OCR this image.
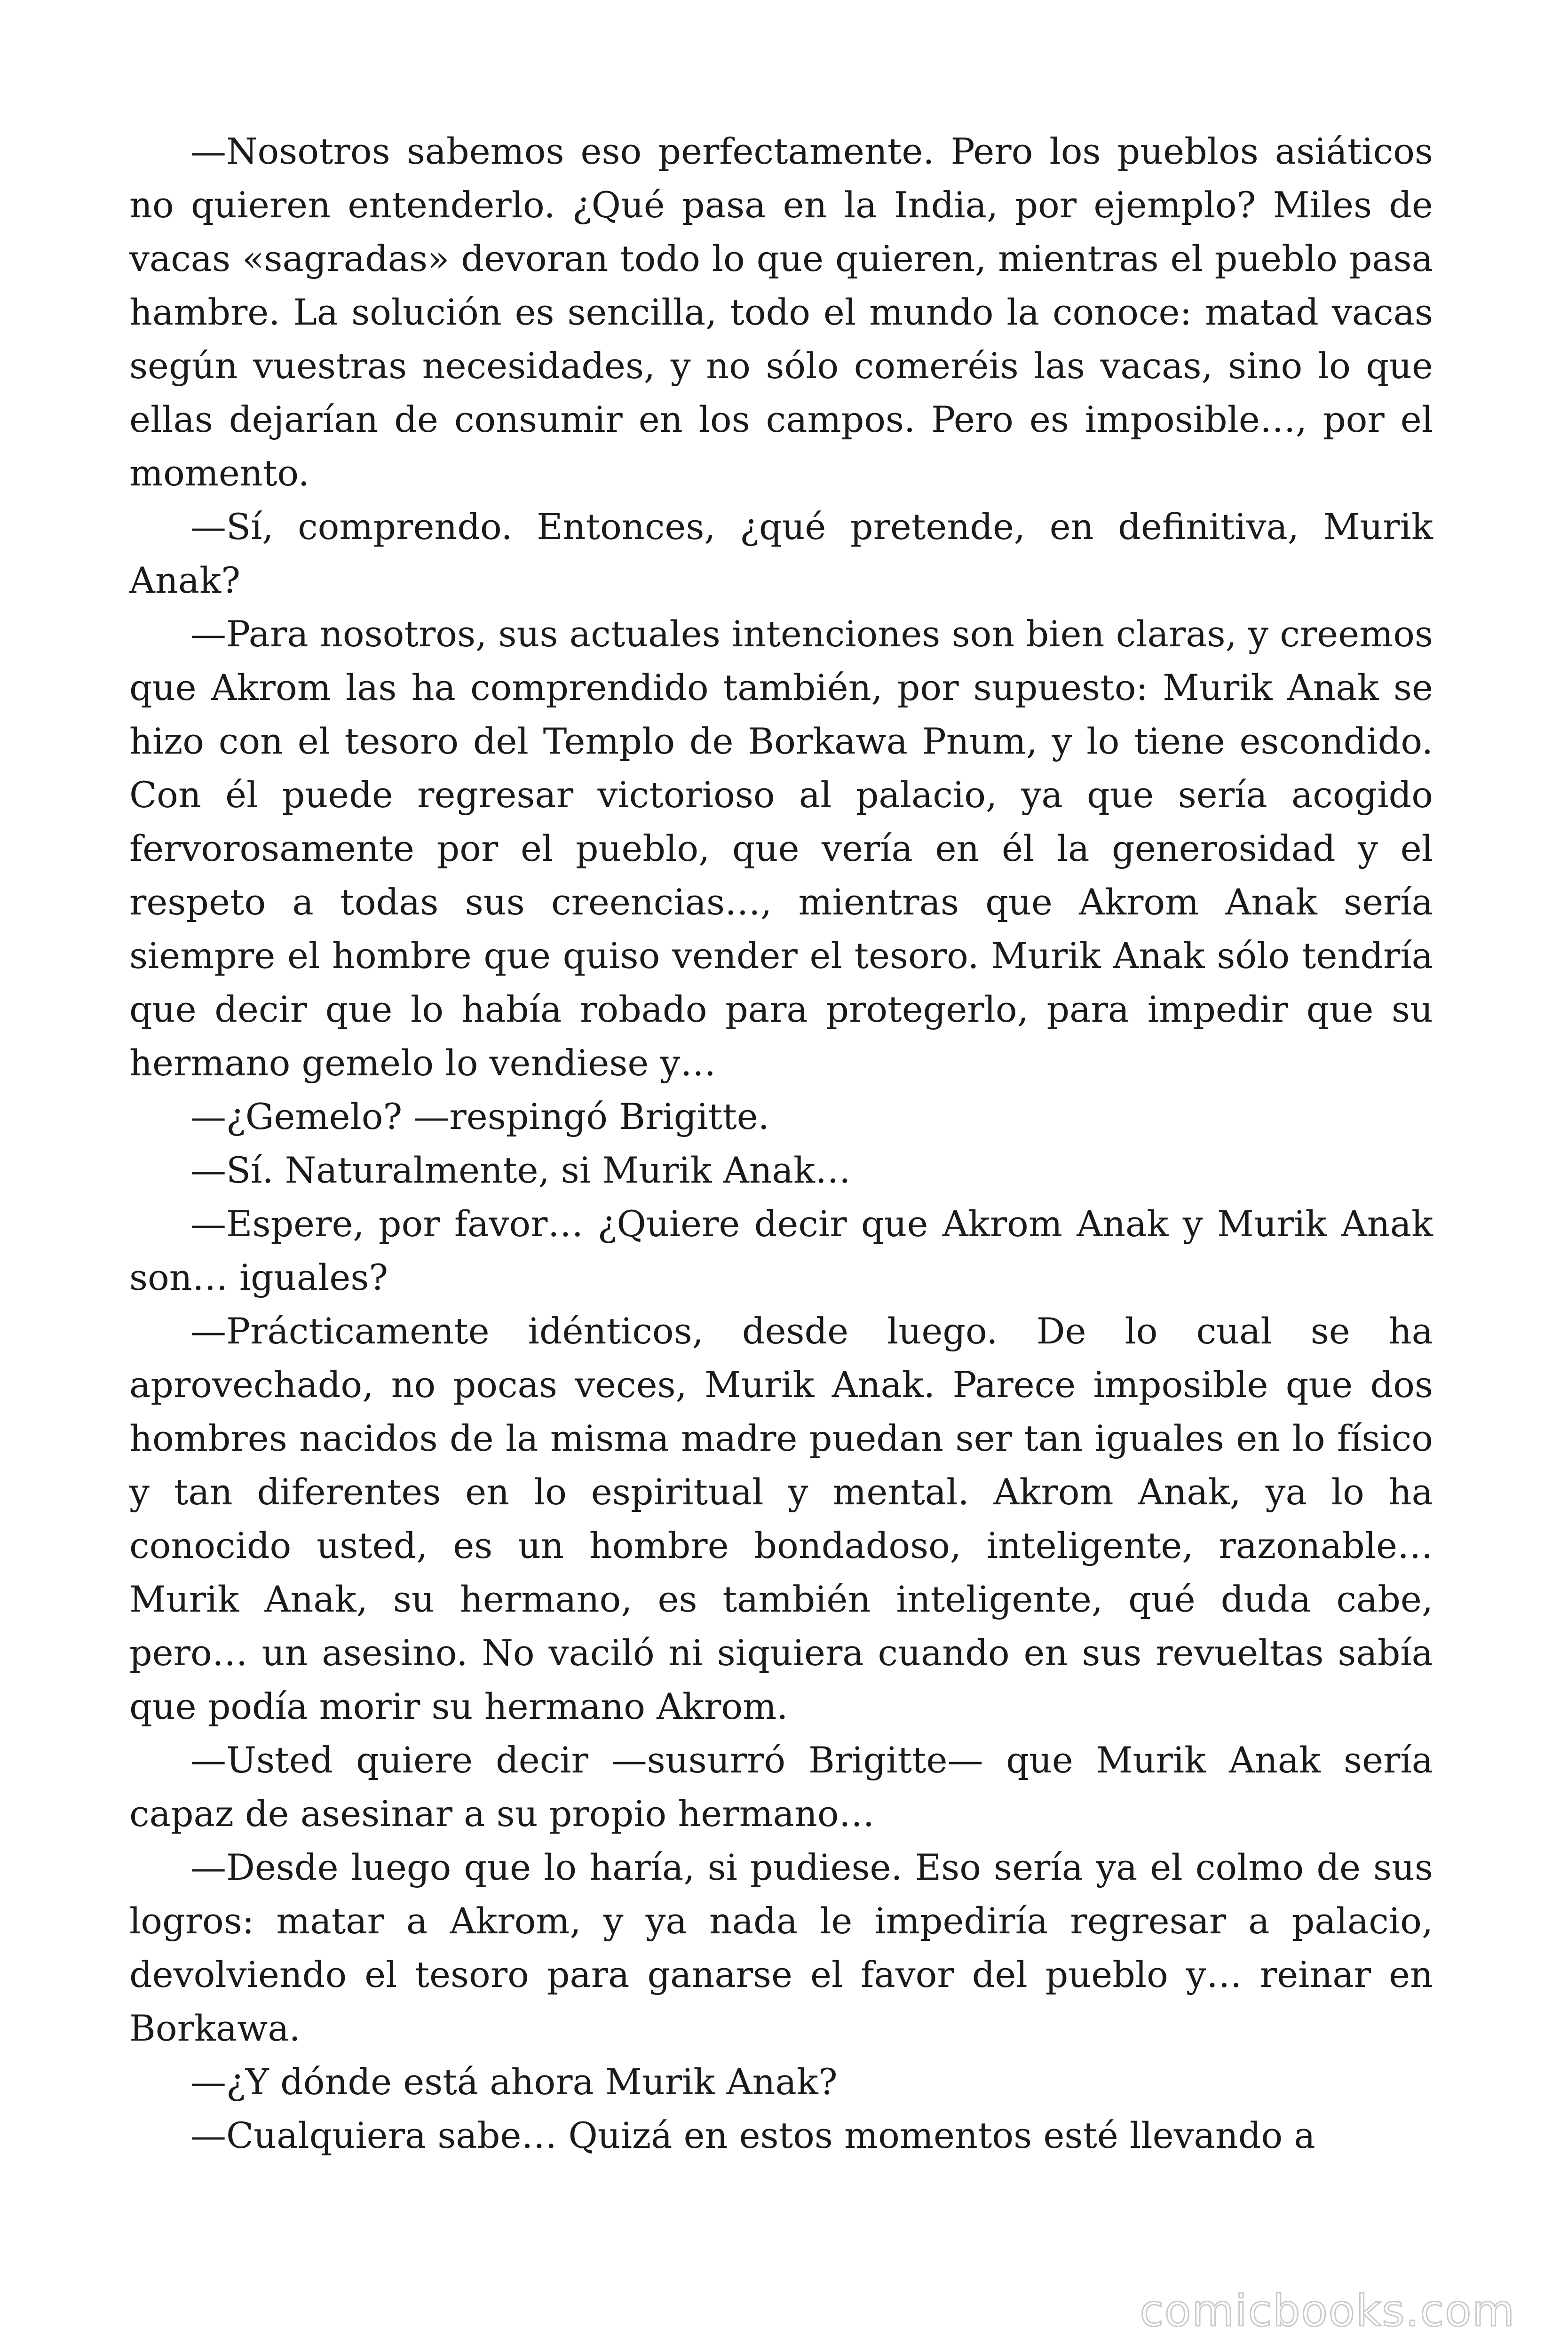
—Nosotros sabemos eso perfectamente. Pero los pueblos asiáticos no quieren entenderlo. ¿Qué pasa en la India, por ejemplo? Miles de vacas «sagradas» devoran todo lo que quieren, mientras el pueblo pasa hambre. La solución es sencilla, todo el mundo la conoce: matad vacas según vuestras necesidades, y no sólo comeréis las vacas, sino lo que ellas dejarían de consumir en los campos. Pero es imposible…, por el momento.

—Sí, comprendo. Entonces, ¿qué pretende, en definitiva, Murik Anak?

—Para nosotros, sus actuales intenciones son bien claras, y creemos que Akrom las ha comprendido también, por supuesto: Murik Anak se hizo con el tesoro del Templo de Borkawa Pnum, y lo tiene escondido. Con él puede regresar victorioso al palacio, ya que sería acogido fervorosamente por el pueblo, que vería en él la generosidad y el respeto a todas sus creencias…, mientras que Akrom Anak sería siempre el hombre que quiso vender el tesoro. Murik Anak sólo tendría que decir que lo había robado para protegerlo, para impedir que su hermano gemelo lo vendiese y…

—¿Gemelo? —respingó Brigitte.

—Sí. Naturalmente, si Murik Anak…

—Espere, por favor… ¿Quiere decir que Akrom Anak y Murik Anak son… iguales?

—Prácticamente idénticos, desde luego. De lo cual se ha aprovechado, no pocas veces, Murik Anak. Parece imposible que dos hombres nacidos de la misma madre puedan ser tan iguales en lo físico y tan diferentes en lo espiritual y mental. Akrom Anak, ya lo ha conocido usted, es un hombre bondadoso, inteligente, razonable… Murik Anak, su hermano, es también inteligente, qué duda cabe, pero… un asesino. No vaciló ni siquiera cuando en sus revueltas sabía que podía morir su hermano Akrom.

—Usted quiere decir —susurró Brigitte— que Murik Anak sería capaz de asesinar a su propio hermano…

—Desde luego que lo haría, si pudiese. Eso sería ya el colmo de sus logros: matar a Akrom, y ya nada le impediría regresar a palacio, devolviendo el tesoro para ganarse el favor del pueblo y… reinar en Borkawa.

—¿Y dónde está ahora Murik Anak?

—Cualquiera sabe… Quizá en estos momentos esté llevando a

comicbooks.com
